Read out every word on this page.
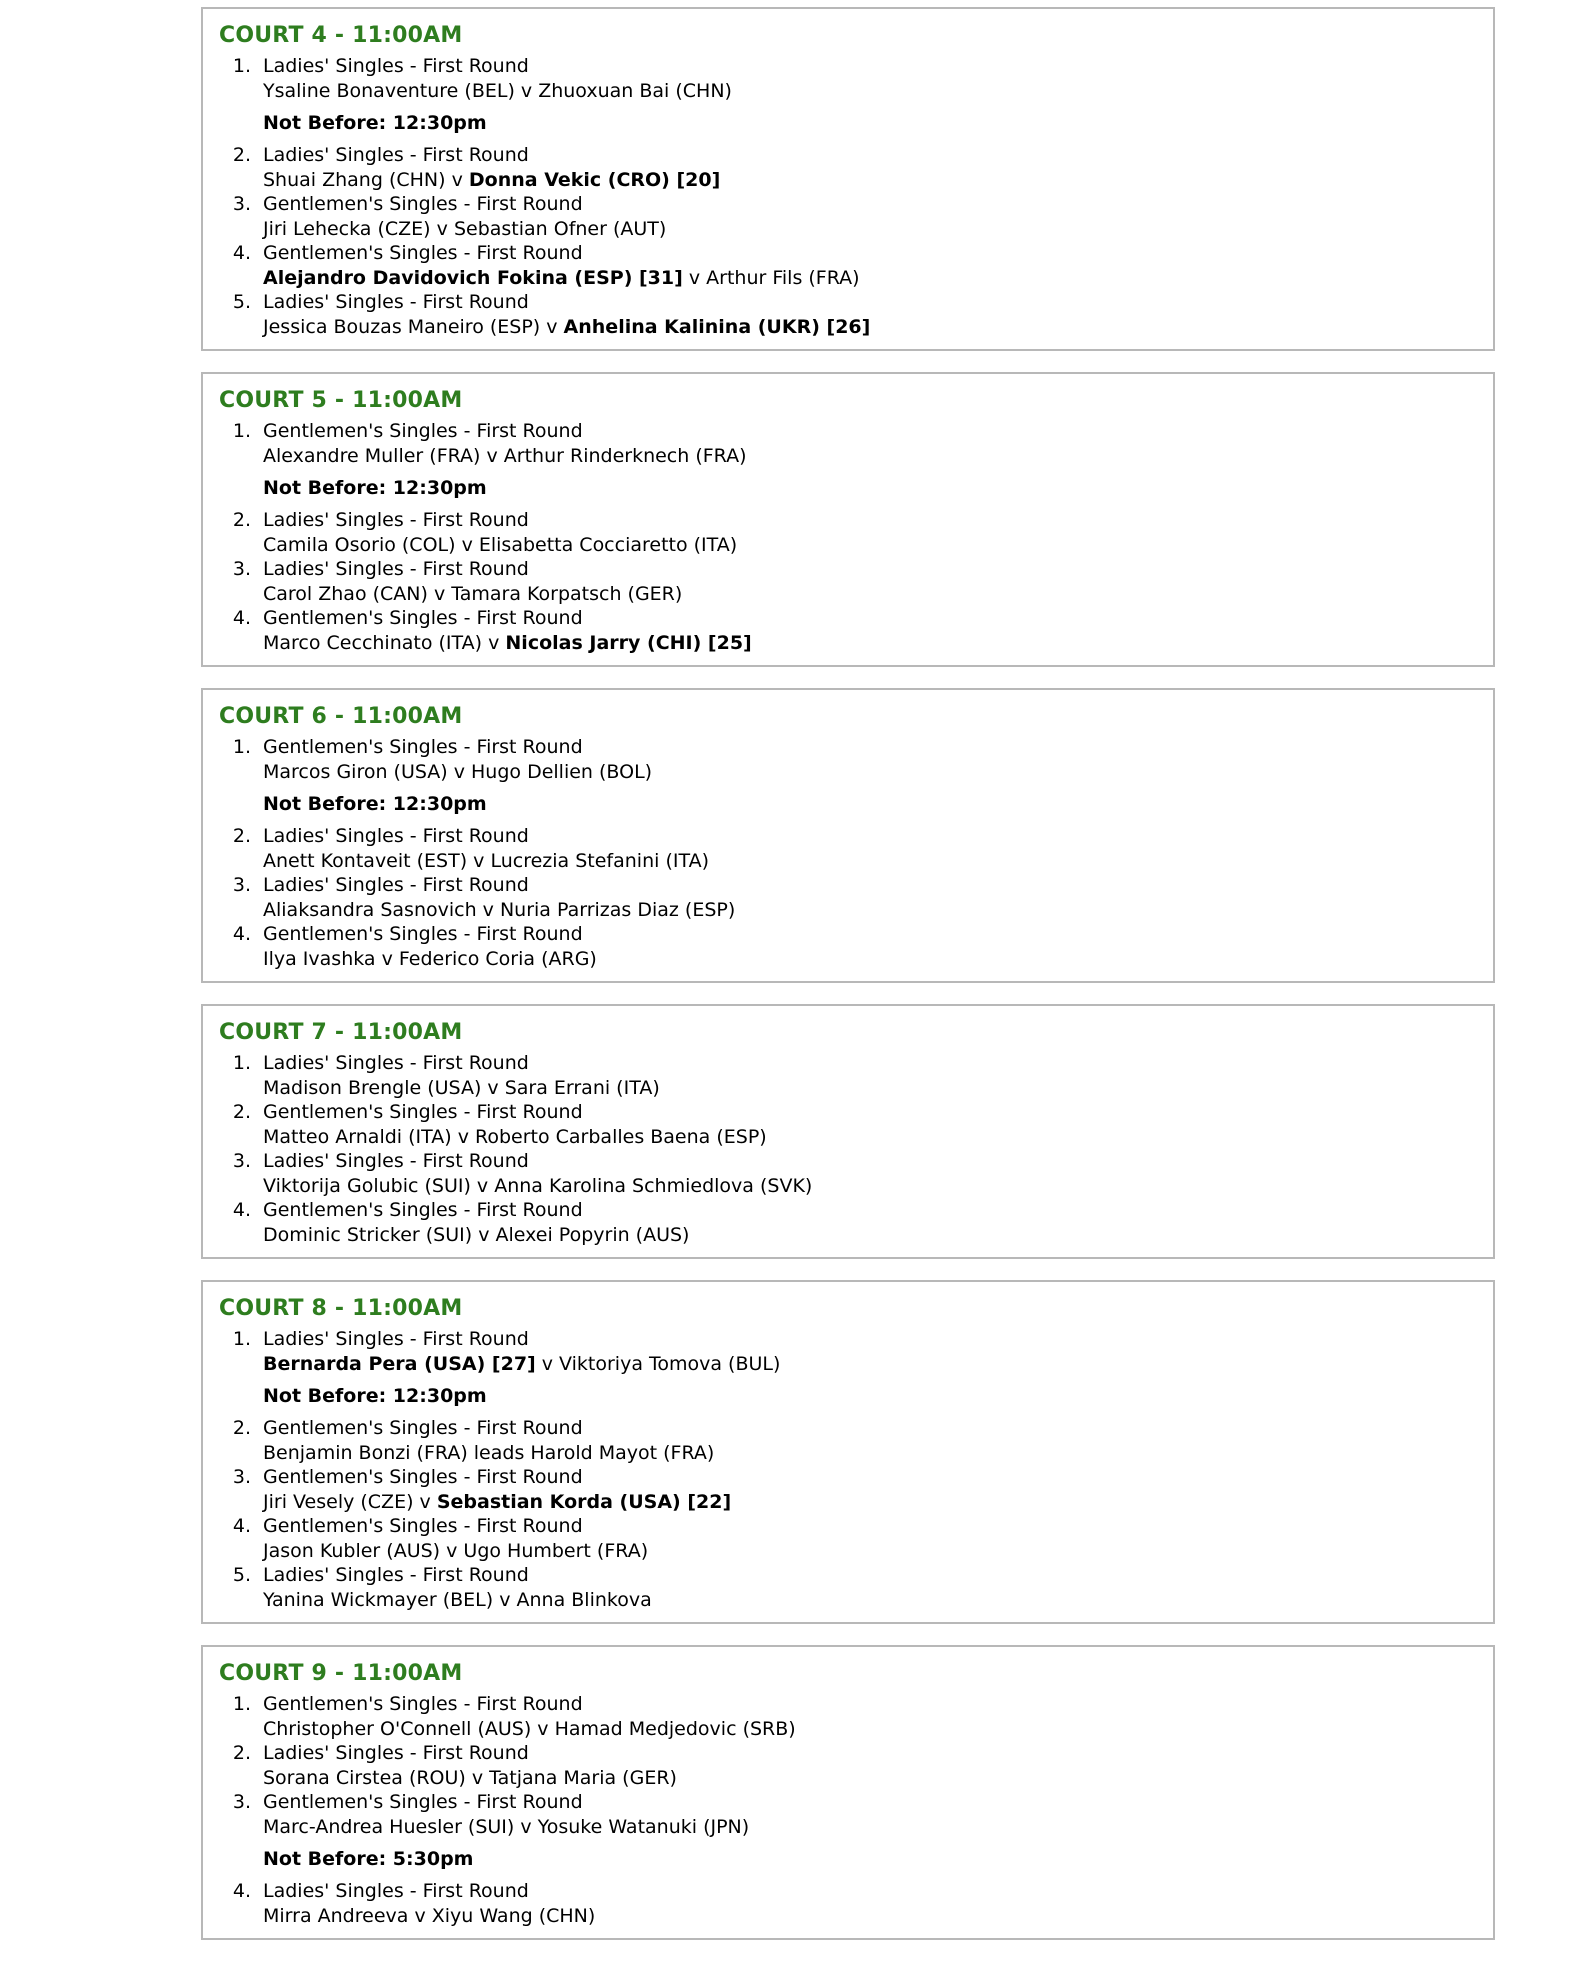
COURT 4 - 11:00AM
1. Ladies' Singles - First Round
Ysaline Bonaventure (BEL) v Zhuoxuan Bai (CHN)
Not Before: 12:30pm
2. Ladies' Singles - First Round
Shuai Zhang (CHN) v Donna Vekic (CRO) [20]
3. Gentlemen's Singles - First Round
Jiri Lehecka (CZE) v Sebastian Ofner (AUT)
4. Gentlemen's Singles - First Round
Alejandro Davidovich Fokina (ESP) [31] v Arthur Fils (FRA)
5. Ladies' Singles - First Round
Jessica Bouzas Maneiro (ESP) v Anhelina Kalinina (UKR) [26]
COURT 5 - 11:00AM
1. Gentlemen's Singles - First Round
Alexandre Muller (FRA) v Arthur Rinderknech (FRA)
Not Before: 12:30pm
2. Ladies' Singles - First Round
Camila Osorio (COL) v Elisabetta Cocciaretto (ITA)
3. Ladies' Singles - First Round
Carol Zhao (CAN) v Tamara Korpatsch (GER)
4. Gentlemen's Singles - First Round
Marco Cecchinato (ITA) v Nicolas Jarry (CHI) [25]
COURT 6 - 11:00AM
1. Gentlemen's Singles - First Round
Marcos Giron (USA) v Hugo Dellien (BOL)
Not Before: 12:30pm
2. Ladies' Singles - First Round
Anett Kontaveit (EST) v Lucrezia Stefanini (ITA)
3. Ladies' Singles - First Round
Aliaksandra Sasnovich v Nuria Parrizas Diaz (ESP)
4. Gentlemen's Singles - First Round
Ilya Ivashka v Federico Coria (ARG)
COURT 7 - 11:00AM
1. Ladies' Singles - First Round
Madison Brengle (USA) v Sara Errani (ITA)
2. Gentlemen's Singles - First Round
Matteo Arnaldi (ITA) v Roberto Carballes Baena (ESP)
3. Ladies' Singles - First Round
Viktorija Golubic (SUI) v Anna Karolina Schmiedlova (SVK)
4. Gentlemen's Singles - First Round
Dominic Stricker (SUI) v Alexei Popyrin (AUS)
COURT 8 - 11:00AM
1. Ladies' Singles - First Round
Bernarda Pera (USA) [27] v Viktoriya Tomova (BUL)
Not Before: 12:30pm
2. Gentlemen's Singles - First Round
Benjamin Bonzi (FRA) leads Harold Mayot (FRA)
3. Gentlemen's Singles - First Round
Jiri Vesely (CZE) v Sebastian Korda (USA) [22]
4. Gentlemen's Singles - First Round
Jason Kubler (AUS) v Ugo Humbert (FRA)
5. Ladies' Singles - First Round
Yanina Wickmayer (BEL) v Anna Blinkova
COURT 9 - 11:00AM
1. Gentlemen's Singles - First Round
Christopher O'Connell (AUS) v Hamad Medjedovic (SRB)
2. Ladies' Singles - First Round
Sorana Cirstea (ROU) v Tatjana Maria (GER)
3. Gentlemen's Singles - First Round
Marc-Andrea Huesler (SUI) v Yosuke Watanuki (JPN)
Not Before: 5:30pm
4. Ladies' Singles - First Round
Mirra Andreeva v Xiyu Wang (CHN)
